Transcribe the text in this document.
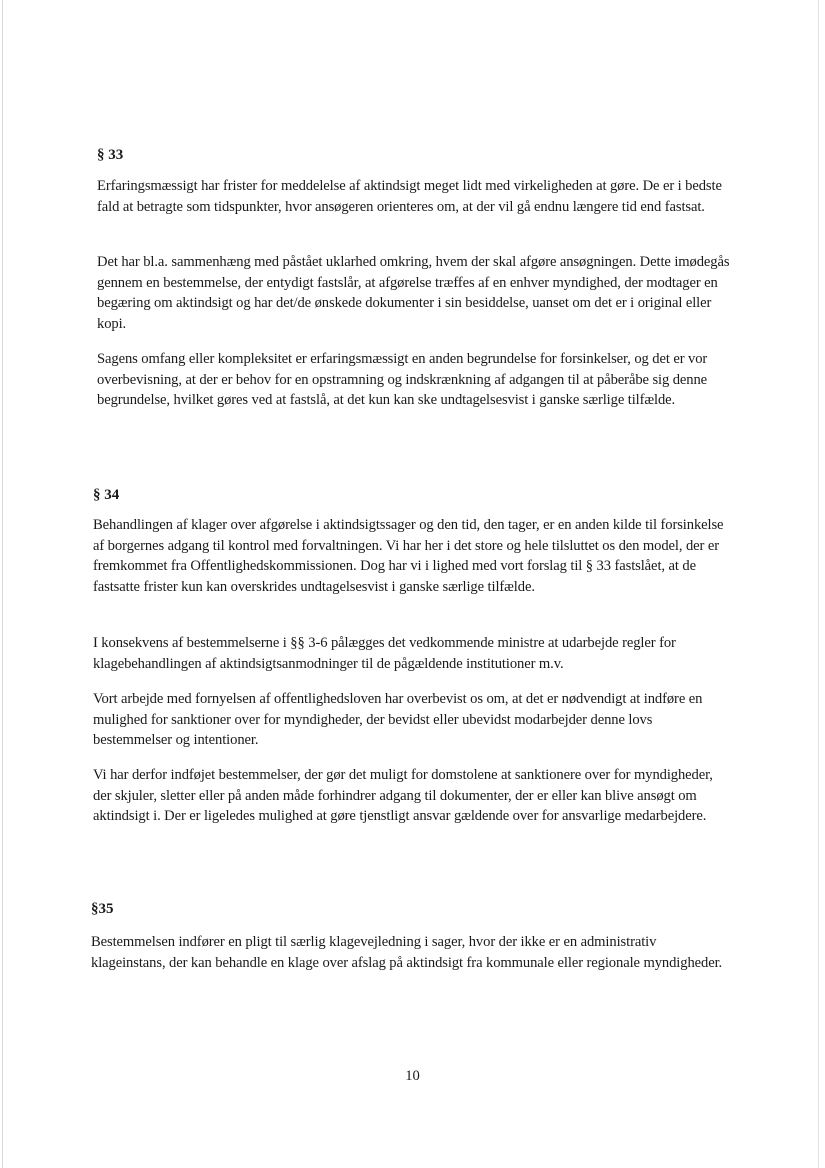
§ 33

Erfaringsmæssigt har frister for meddelelse af aktindsigt meget lidt med virkeligheden at gøre. De er i bedste fald at betragte som tidspunkter, hvor ansøgeren orienteres om, at der vil gå endnu længere tid end fastsat.

Det har bl.a. sammenhæng med påstået uklarhed omkring, hvem der skal afgøre ansøgningen. Dette imødegås gennem en bestemmelse, der entydigt fastslår, at afgørelse træffes af en enhver myndighed, der modtager en begæring om aktindsigt og har det/de ønskede dokumenter i sin besiddelse, uanset om det er i original eller kopi.

Sagens omfang eller kompleksitet er erfaringsmæssigt en anden begrundelse for forsinkelser, og det er vor overbevisning, at der er behov for en opstramning og indskrænkning af adgangen til at påberåbe sig denne begrundelse, hvilket gøres ved at fastslå, at det kun kan ske undtagelsesvist i ganske særlige tilfælde.

§ 34

Behandlingen af klager over afgørelse i aktindsigtssager og den tid, den tager, er en anden kilde til forsinkelse af borgernes adgang til kontrol med forvaltningen. Vi har her i det store og hele tilsluttet os den model, der er fremkommet fra Offentlighedskommissionen. Dog har vi i lighed med vort forslag til § 33 fastslået, at de fastsatte frister kun kan overskrides undtagelsesvist i ganske særlige tilfælde.

I konsekvens af bestemmelserne i §§ 3-6 pålægges det vedkommende ministre at udarbejde regler for klagebehandlingen af aktindsigtsanmodninger til de pågældende institutioner m.v.

Vort arbejde med fornyelsen af offentlighedsloven har overbevist os om, at det er nødvendigt at indføre en mulighed for sanktioner over for myndigheder, der bevidst eller ubevidst modarbejder denne lovs bestemmelser og intentioner.

Vi har derfor indføjet bestemmelser, der gør det muligt for domstolene at sanktionere over for myndigheder, der skjuler, sletter eller på anden måde forhindrer adgang til dokumenter, der er eller kan blive ansøgt om aktindsigt i. Der er ligeledes mulighed at gøre tjenstligt ansvar gældende over for ansvarlige medarbejdere.

§35

Bestemmelsen indfører en pligt til særlig klagevejledning i sager, hvor der ikke er en administrativ klageinstans, der kan behandle en klage over afslag på aktindsigt fra kommunale eller regionale myndigheder.

10
